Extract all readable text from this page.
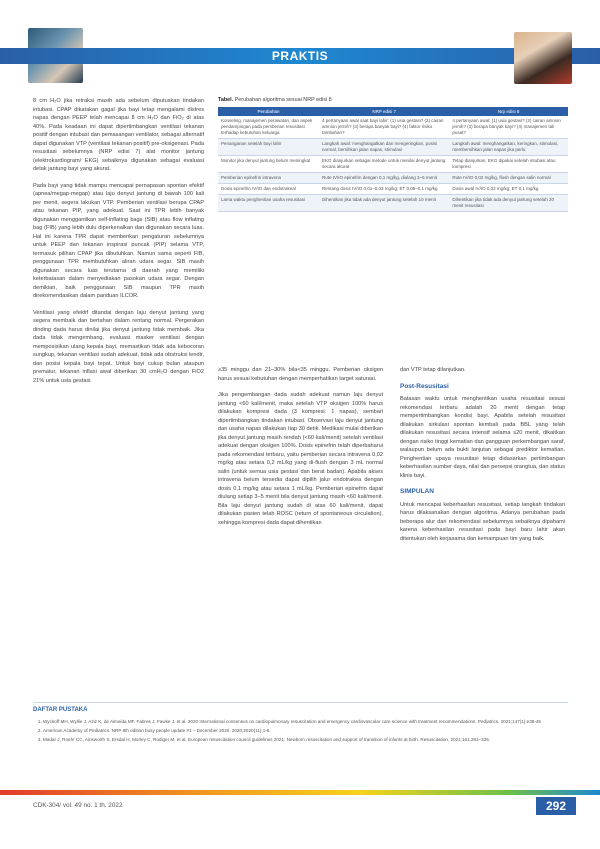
PRAKTIS

8 cm H₂O jika retraksi masih ada sebelum diputuskan tindakan intubasi. CPAP dikatakan gagal jika bayi tetap mengalami distres napas dengan PEEP telah mencapai 8 cm H₂O dan FiO₂ di atas 40%. Pada keadaan ini dapat dipertimbangkan ventilasi tekanan positif dengan intubasi dan pemasangan ventilator, sebagai alternatif dapat digunakan VTP (ventilasi tekanan positif) pre-oksigenasi. Pada resusitasi sebelumnya (NRP edisi 7) alat monitor jantung (elektrokardiogram/ EKG) sebaiknya digunakan sebagai evaluasi detak jantung bayi yang akurat.

Pada bayi yang tidak mampu mencapai pernapasan spontan efektif (apnea/megap-megap) atau laju denyut jantung di bawah 100 kali per menit, segera lakukan VTP. Pemberian ventilasi berupa CPAP atau tekanan PIP, yang adekuat. Saat ini TPR lebih banyak digunakan menggantikan self-inflating bags (SIB) atau flow inflating bag (FIB) yang lebih dulu diperkenalkan dan digunakan secara luas. Hal ini karena TPR dapat memberikan pengaturan sebelumnya untuk PEEP dan tekanan inspirasi puncak (PIP) selama VTP, termasuk pilihan CPAP jika dibutuhkan. Namun sama seperti FIB, penggunaan TPR membutuhkan aliran udara segar. SIB masih digunakan secara luas terutama di daerah yang memiliki keterbatasan dalam menyediakan pasokan udara segar. Dengan demikian, baik penggunaan SIB maupun TPR masih direkomendasikan dalam panduan ILCOR.

Ventilasi yang efektif ditandai dengan laju denyut jantung yang segera membaik dan bertahan dalam rentang normal. Pergerakan dinding dada harus dinilai jika denyut jantung tidak membaik. Jika dada tidak mengembang, evaluasi masker ventilasi dengan memposisikan ulang kepala bayi, memastikan tidak ada kebocoran sungkup, tekanan ventilasi sudah adekuat, tidak ada obstruksi lendir, dan posisi kepala bayi tepat. Untuk bayi cukup bulan ataupun prematur, tekanan inflasi awal diberikan 30 cmH₂O dengan FiO2 21% untuk usia gestasi

Tabel. Perubahan algoritma sesuai NRP edisi 8
Perubahan	NRP edisi 7	Nrp edisi 8
Konseling, manajemen perawatan, dan aspek pendampingan pada pemberian resusitasi terhadap kebutuhan keluarga	4 pertanyaan awal saat bayi lahir: (1) usia gestasi? (2) cairan amnion jernih? (3) berapa banyak bayi? (4) faktor risiko tambahan?	4 pertanyaan awal: (1) usia gestasi? (2) cairan amnion jernih? (3) berapa banyak bayi? (4) manajemen tali pusat?
Penanganan setelah bayi lahir	Langkah awal: menghangatkan dan mengeringkan, posisi normal, bersihkan jalan napas, stimulasi	Langkah awal: menghangatkan, keringkan, stimulasi, membersihkan jalan napas jika perlu
Monitor jika denyut jantung belum meningkat	EKG dianjurkan sebagai metode untuk menilai denyut jantung secara akurat	Tetap dianjurkan, EKG dipakai setelah intubasi atau kompresi
Pemberian epinefrin intravena	Rute IV/IO epinefrin dengan 0,1 mg/kg, diulang 3–5 menit	Rute IV/IO 0,02 mg/kg, flush dengan salin normal
Dosis epinefrin IV/IO dan endotrakeal	Rentang dosis IV/IO 0,01–0,03 mg/kg; ET 0,05–0,1 mg/kg	Dosis awal IV/IO 0,02 mg/kg; ET 0,1 mg/kg
Lama waktu penghentian usaha resusitasi	Dihentikan jika tidak ada denyut jantung setelah 10 menit	Dihentikan jika tidak ada denyut jantung setelah 20 menit resusitasi

≥35 minggu dan 21–30% bila<35 minggu. Pemberian oksigen harus sesuai kebutuhan dengan memperhatikan target saturasi.

Jika pengembangan dada sudah adekuat namun laju denyut jantung <60 kali/menit, maka setelah VTP oksigen 100% harus dilakukan kompresi dada (3 kompresi: 1 napas), sembari dipertimbangkan tindakan intubasi. Observasi laju denyut jantung dan usaha napas dilakukan tiap 30 detik. Medikasi mulai diberikan jika denyut jantung masih rendah (<60 kali/menit) setelah ventilasi adekuat dengan oksigen 100%. Dosis epinefrin telah diperbaharui pada rekomendasi terbaru, yaitu pemberian secara intravena 0,02 mg/kg atau setara 0,2 mL/kg yang di-flush dengan 3 mL normal salin (untuk semua usia gestasi dan berat badan). Apabila akses intravena belum tersedia dapat dipilih jalur endotrakea dengan dosis 0,1 mg/kg atau setara 1 mL/kg. Pemberian epinefrin dapat diulang setiap 3–5 menit bila denyut jantung masih <60 kali/menit. Bila laju denyut jantung sudah di atas 60 kali/menit, dapat dilakukan pasien telah ROSC (return of spontaneous circulation), sehingga kompresi dada dapat dihentikan

dan VTP tetap dilanjutkan.

Post-Resusitasi

Batasan waktu untuk menghentikan usaha resusitasi sesuai rekomendasi terbaru adalah 20 menit dengan tetap mempertimbangkan kondisi bayi. Apabila setelah resusitasi dilakukan sirkulasi spontan kembali pada BBL yang telah dilakukan resusitasi secara intensif selama ≤20 menit, dikaitkan dengan risiko tinggi kematian dan gangguan perkembangan saraf, walaupun belum ada bukti lanjutan sebagai prediktor kematian. Penghentian upaya resusitasi tetap didasarkan pertimbangan keberhasilan sumber daya, nilai dan persepsi orangtua, dan status klinis bayi.

SIMPULAN

Untuk mencapai keberhasilan resusitasi, setiap langkah tindakan harus dilaksanakan dengan algoritma. Adanya perubahan pada beberapa alur dari rekomendasi sebelumnya sebaiknya dipahami karena keberhasilan resusitasi pada bayi baru lahir akan ditentukan oleh kerjasama dan kemampuan tim yang baik.

DAFTAR PUSTAKA
1. Wyckoff MH, Wyllie J, Aziz K, de Almeida MF, Fabres J, Fawke J, et al. 2020 International consensus on cardiopulmonary resuscitation and emergency cardiovascular care science with treatment recommendations. Pediatrics. 2021;147(1):e38-45
2. American Academy of Pediatrics. NRP 8th edition busy people update #1 – December 2020. 2020;2020(11):1-6.
3. Madar J, Roehr CC, Ainsworth S, Ersdal H, Morley C, Rüdiger M, et al. European resuscitation council guidelines 2021: Newborn resuscitation and support of transition of infants at birth. Resuscitation. 2021;161:291–326.
CDK-304/ vol. 49 no. 1 th. 2022	292
